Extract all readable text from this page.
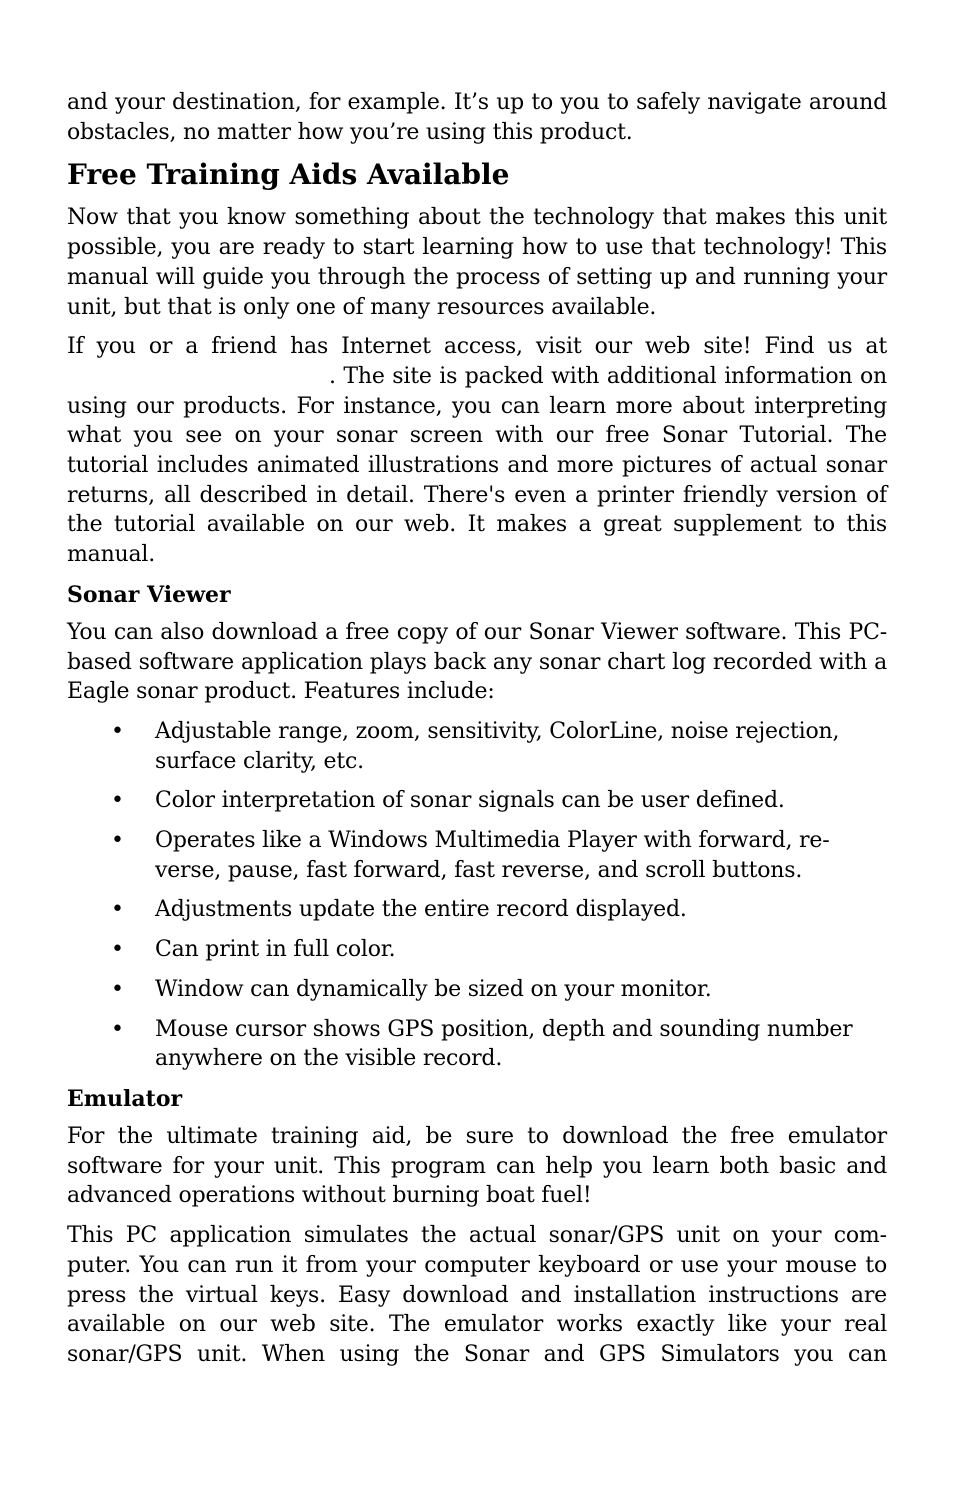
and your destination, for example. It’s up to you to safely navigate around obstacles, no matter how you’re using this product.

Free Training Aids Available

Now that you know something about the technology that makes this unit possible, you are ready to start learning how to use that technology! This manual will guide you through the process of setting up and running your unit, but that is only one of many resources available.

If you or a friend has Internet access, visit our web site! Find us at . The site is packed with additional information on using our products. For instance, you can learn more about interpreting what you see on your sonar screen with our free Sonar Tutorial. The tutorial includes animated illustrations and more pictures of actual sonar returns, all described in detail. There's even a printer friendly version of the tutorial available on our web. It makes a great supplement to this manual.

Sonar Viewer

You can also download a free copy of our Sonar Viewer software. This PC-based software application plays back any sonar chart log recorded with a Eagle sonar product. Features include:

• Adjustable range, zoom, sensitivity, ColorLine, noise rejection, surface clarity, etc.
• Color interpretation of sonar signals can be user defined.
• Operates like a Windows Multimedia Player with forward, reverse, pause, fast forward, fast reverse, and scroll buttons.
• Adjustments update the entire record displayed.
• Can print in full color.
• Window can dynamically be sized on your monitor.
• Mouse cursor shows GPS position, depth and sounding number anywhere on the visible record.
Emulator

For the ultimate training aid, be sure to download the free emulator software for your unit. This program can help you learn both basic and advanced operations without burning boat fuel!

This PC application simulates the actual sonar/GPS unit on your computer. You can run it from your computer keyboard or use your mouse to press the virtual keys. Easy download and installation instructions are available on our web site. The emulator works exactly like your real sonar/GPS unit. When using the Sonar and GPS Simulators you can
